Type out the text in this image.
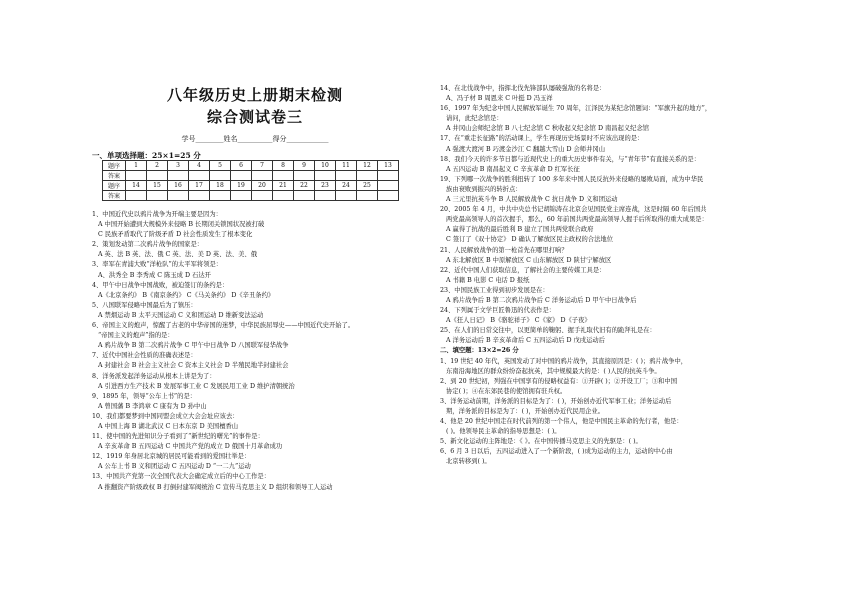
八年级历史上册期末检测
综合测试卷三
学号________姓名__________得分____________
一、单项选择题：25×1=25 分
题序	1	2	3	4	5	6	7	8	9	10	11	12	13
答案													
题序	14	15	16	17	18	19	20	21	22	23	24	25	
答案													
1、中国近代史以鸦片战争为开端主要是因为：
A 中国开始遭到大规模外来侵略 B 长期闭关锁国状况被打破
C 民族矛盾取代了阶级矛盾 D 社会性质发生了根本变化
2、策划发动第二次鸦片战争的国家是：
A 英、法 B 英、法、俄 C 英、法、美 D 英、法、美、俄
3、率军在青浦大败“洋枪队”的太平军将领是：
A、洪秀全 B 李秀成 C 陈玉成 D 石达开
4、甲午中日战争中国战败，被迫签订的条约是：
A《北京条约》 B《南京条约》 C《马关条约》 D《辛丑条约》
5、八国联军侵略中国最后为了镇压：
A 禁烟运动 B 太平天国运动 C 义和团运动 D 维新变法运动
6、帝国主义的炮声，惊醒了古老的中华帝国的迷梦，中华民族屈辱史——中国近代史开始了。
“帝国主义的炮声”指的是：
A 鸦片战争 B 第二次鸦片战争 C 甲午中日战争 D 八国联军侵华战争
7、近代中国社会性质的准确表述是：
A 封建社会 B 社会主义社会 C 资本主义社会 D 半殖民地半封建社会
8、洋务派发起洋务运动从根本上讲是为了：
A 引进西方生产技术 B 发展军事工业 C 发展民用工业 D 维护清朝统治
9、1895 年，领导“公车上书”的是：
A 曾国藩 B 李鸿章 C 康有为 D 孙中山
10、我们都要梦到中国同盟会成立大会会址应该去：
A 中国上海 B 湖北武汉 C 日本东京 D 美国檀香山
11、使中国的先进知识分子看到了“新世纪的曙光”的事件是：
A 辛亥革命 B 五四运动 C 中国共产党的成立 D 俄国十月革命成功
12、1919 年身居北京城的居民可能看到的爱国壮举是：
A 公车上书 B 义和团运动 C 五四运动 D “一二九”运动
13、中国共产党第一次全国代表大会确定成立后的中心工作是：
A 推翻资产阶级政权 B 打倒封建军阀统治 C 宣传马克思主义 D 组织和领导工人运动
14、在北伐战争中，指挥北伐先锋部队屡破强敌的名将是：
A、冯子材 B 周恩来 C 叶挺 D 冯玉祥
16、1997 年为纪念中国人民解放军诞生 70 周年，江泽民为某纪念馆题词：“军旗升起的地方”，
请问，此纪念馆是：
A 井冈山会师纪念馆 B 八七纪念馆 C 秋收起义纪念馆 D 南昌起义纪念馆
17、在“重走长征路”的活动课上，学生再现历史场景时不应该出现的是：
A 强渡大渡河 B 巧渡金沙江 C 翻越大雪山 D 会师井冈山
18、我们今天的许多节日都与近现代史上的重大历史事件有关，与“青年节”有直接关系的是：
A 五四运动 B 南昌起义 C 辛亥革命 D 红军长征
19、下列哪一次战争的胜利扭转了 100 多年来中国人民反抗外来侵略的屡败局面，成为中华民
族由衰败到振兴的转折点：
A 三元里抗英斗争 B 人民解放战争 C 抗日战争 D 义和团运动
20、2005 年 4 月，中共中央总书记胡锦涛在北京会见国民党主席连战，这是时隔 60 年后国共
两党最高领导人的首次握手，那么，60 年前国共两党最高领导人握手后所取得的重大成果是：
A 赢得了抗战的最后胜利 B 建立了国共两党联合政府
C 签订了《双十协定》 D 确认了解放区民主政权的合法地位
21、人民解放战争的第一枪首先在哪里打响？
A 东北解放区 B 中原解放区 C 山东解放区 D 陕甘宁解放区
22、近代中国人们获取信息，了解社会的主要传媒工具是：
A 书籍 B 电影 C 电话 D 报纸
23、中国民族工业得到初步发展是在：
A 鸦片战争后 B 第二次鸦片战争后 C 洋务运动后 D 甲午中日战争后
24、下列属于文学巨匠鲁迅的代表作是：
A《狂人日记》 B《骆驼祥子》 C《家》 D《子夜》
25、在人们的日常交往中，以更简单的鞠躬、握手礼取代旧有的跪拜礼是在：
A 洋务运动后 B 辛亥革命后 C 五四运动后 D 戊戌运动后
二、填空题：13×2=26 分
1、19 世纪 40 年代，英国发动了对中国的鸦片战争，其直接原因是：( )；鸦片战争中，
东南沿海地区的群众纷纷奋起抗英，其中规模最大的是：( )人民的抗英斗争。
2、到 20 世纪初，列强在中国享有的侵略权益有：①开辟( )；②开设工厂；③和中国
协定( )；④在东郊民巷的使馆拥有驻兵权。
3、洋务运动前期，洋务派的目标是为了：( )，开始创办近代军事工业；洋务运动后
期，洋务派的目标是为了：( )，开始创办近代民用企业。
4、他是 20 世纪中国走在时代前列的第一个伟人，他是中国民主革命的先行者，他是：
( )。他领导民主革命的指导思想是：( )。
5、新文化运动的主阵地是：《 》。在中国传播马克思主义的先驱是：( )。
6、6 月 3 日以后，五四运动进入了一个新阶段，( )成为运动的主力，运动的中心由
北京转移到( )。
